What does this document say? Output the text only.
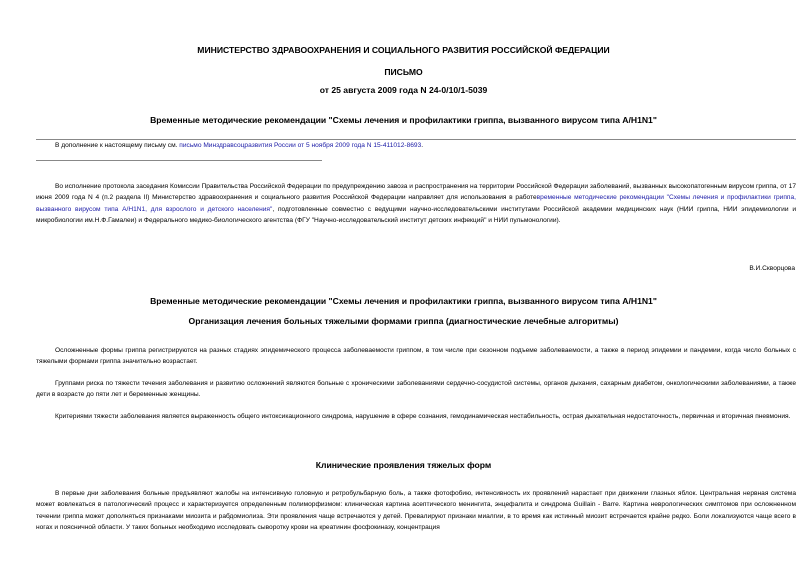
МИНИСТЕРСТВО ЗДРАВООХРАНЕНИЯ И СОЦИАЛЬНОГО РАЗВИТИЯ РОССИЙСКОЙ ФЕДЕРАЦИИ
ПИСЬМО
от 25 августа 2009 года N 24-0/10/1-5039
Временные методические рекомендации "Схемы лечения и профилактики гриппа, вызванного вирусом типа A/H1N1"
В дополнение к настоящему письму см. письмо Минздравсоцразвития России от 5 ноября 2009 года N 15-411012-8693.
Во исполнение протокола заседания Комиссии Правительства Российской Федерации по предупреждению завоза и распространения на территории Российской Федерации заболеваний, вызванных высокопатогенным вирусом гриппа, от 17 июня 2009 года N 4 (п.2 раздела II) Министерство здравоохранения и социального развития Российской Федерации направляет для использования в работевременные методические рекомендации "Схемы лечения и профилактики гриппа, вызванного вирусом типа A/H1N1, для взрослого и детского населения", подготовленные совместно с ведущими научно-исследовательскими институтами Российской академии медицинских наук (НИИ гриппа, НИИ эпидемиологии и микробиологии им.Н.Ф.Гамалеи) и Федерального медико-биологического агентства (ФГУ "Научно-исследовательский институт детских инфекций" и НИИ пульмонологии).
В.И.Скворцова
Временные методические рекомендации "Схемы лечения и профилактики гриппа, вызванного вирусом типа A/H1N1"
Организация лечения больных тяжелыми формами гриппа (диагностические лечебные алгоритмы)
Осложненные формы гриппа регистрируются на разных стадиях эпидемического процесса заболеваемости гриппом, в том числе при сезонном подъеме заболеваемости, а также в период эпидемии и пандемии, когда число больных с тяжелыми формами гриппа значительно возрастает.
Группами риска по тяжести течения заболевания и развитию осложнений являются больные с хроническими заболеваниями сердечно-сосудистой системы, органов дыхания, сахарным диабетом, онкологическими заболеваниями, а также дети в возрасте до пяти лет и беременные женщины.
Критериями тяжести заболевания является выраженность общего интоксикационного синдрома, нарушение в сфере сознания, гемодинамическая нестабильность, острая дыхательная недостаточность, первичная и вторичная пневмония.
Клинические проявления тяжелых форм
В первые дни заболевания больные предъявляют жалобы на интенсивную головную и ретробульбарную боль, а также фотофобию, интенсивность их проявлений нарастает при движении глазных яблок. Центральная нервная система может вовлекаться в патологический процесс и характеризуется определенным полиморфизмом: клиническая картина асептического менингита, энцефалита и синдрома Guillain - Barre. Картина неврологических симптомов при осложненном течении гриппа может дополняться признаками миозита и рабдомиолиза. Эти проявления чаще встречаются у детей. Превалируют признаки миалгии, в то время как истинный миозит встречается крайне редко. Боли локализуются чаще всего в ногах и поясничной области. У таких больных необходимо исследовать сыворотку крови на креатинин фосфокиназу, концентрация
